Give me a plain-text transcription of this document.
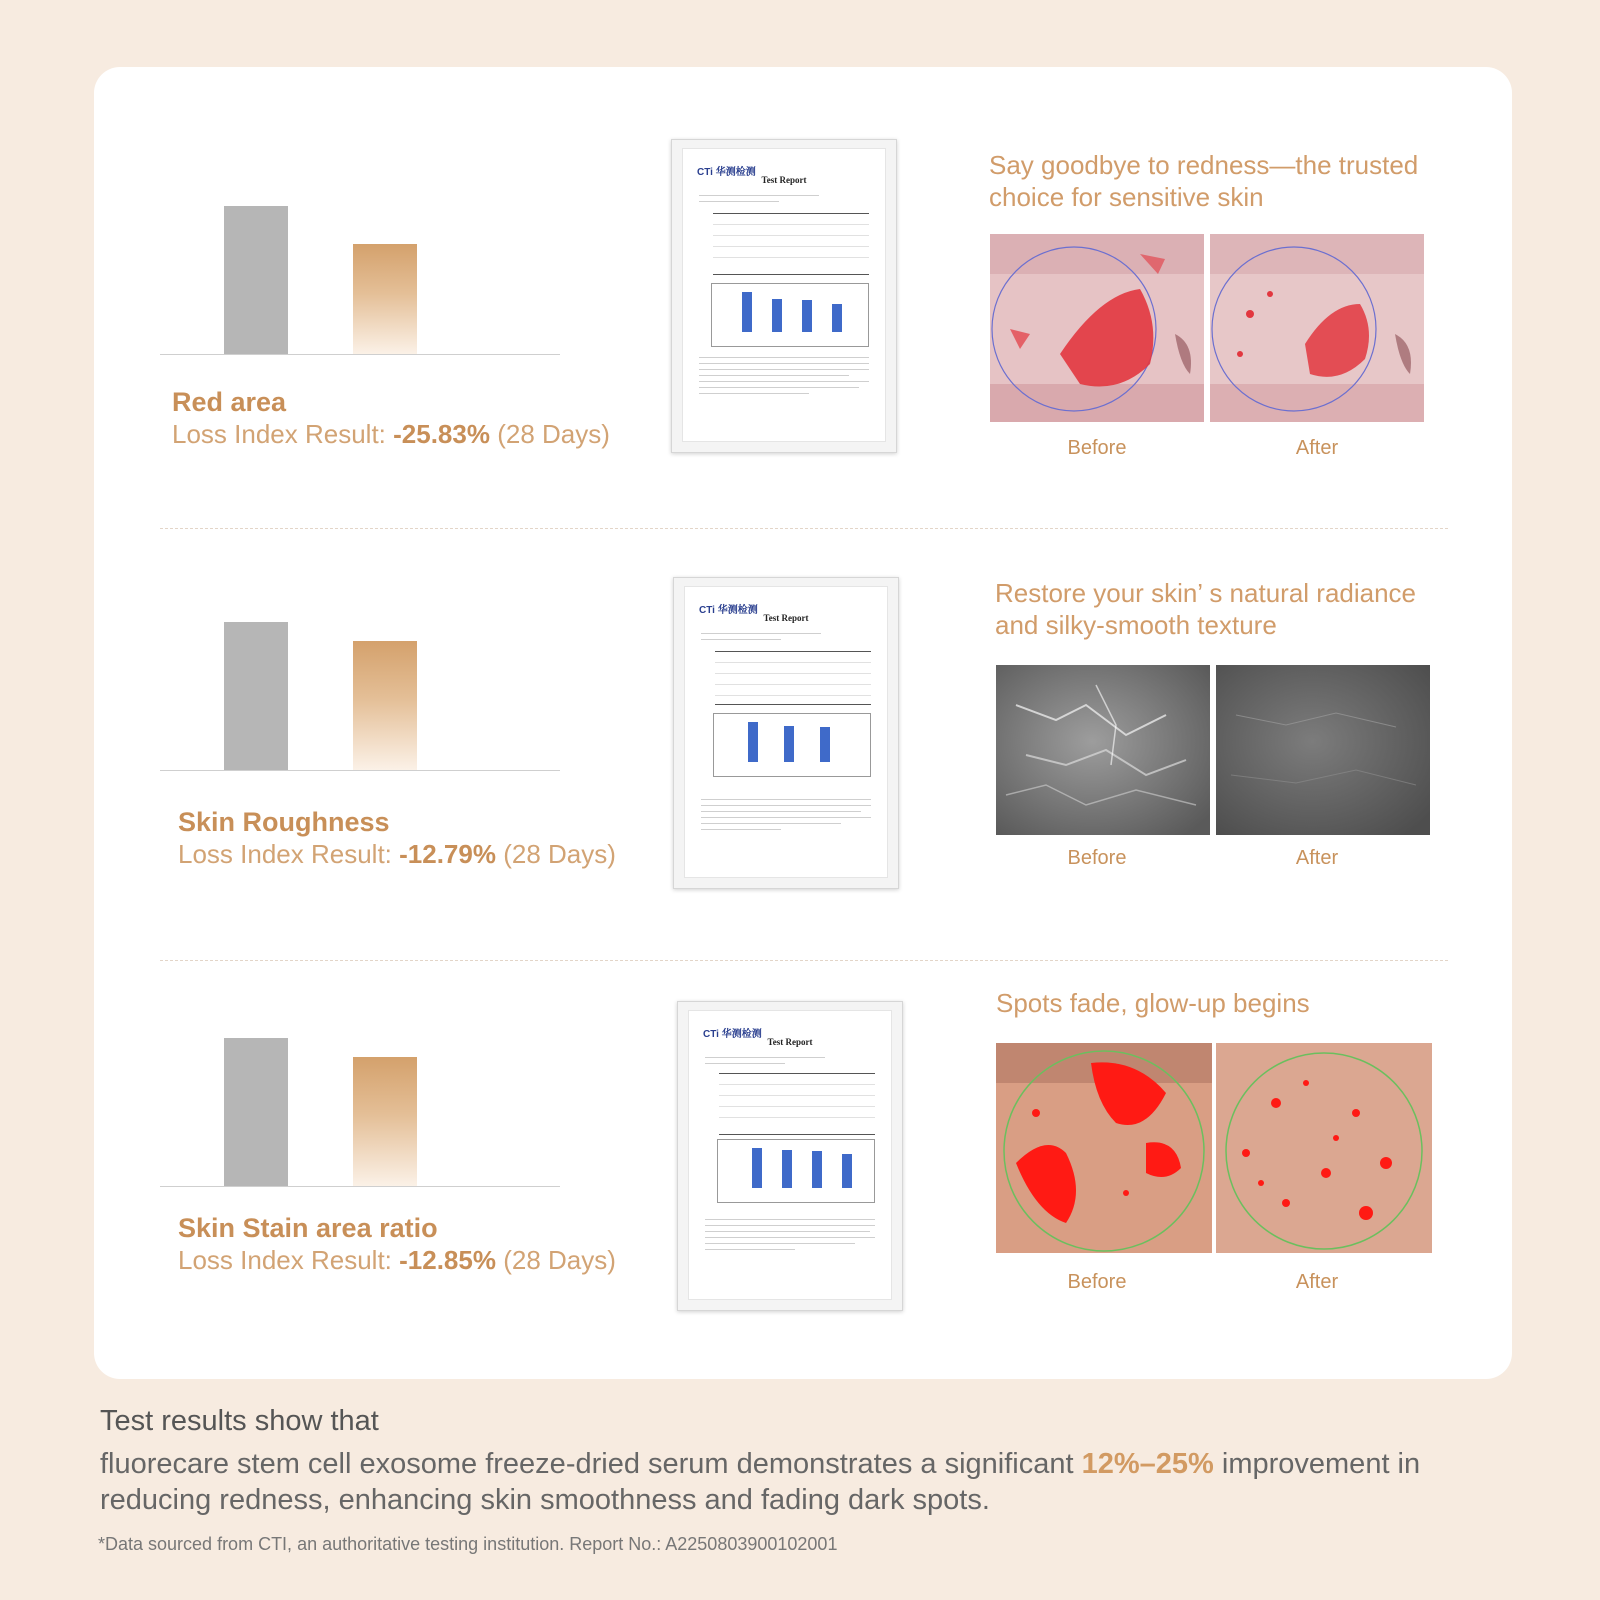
Red area
Loss Index Result: -25.83% (28 Days)
CTi 华测检测
Test Report	Say goodbye to redness—the trusted choice for sensitive skin
Before	After
Skin Roughness
Loss Index Result: -12.79% (28 Days)
CTi 华测检测
Test Report
Restore your skin’ s natural radiance and silky-smooth texture
Before	After
Skin Stain area ratio
Loss Index Result: -12.85% (28 Days)
CTi 华测检测
Test Report
Spots fade, glow-up begins
Before	After
Test results show that
fluorecare stem cell exosome freeze-dried serum demonstrates a significant 12%–25% improvement in reducing redness, enhancing skin smoothness and fading dark spots.
*Data sourced from CTI, an authoritative testing institution. Report No.: A2250803900102001
